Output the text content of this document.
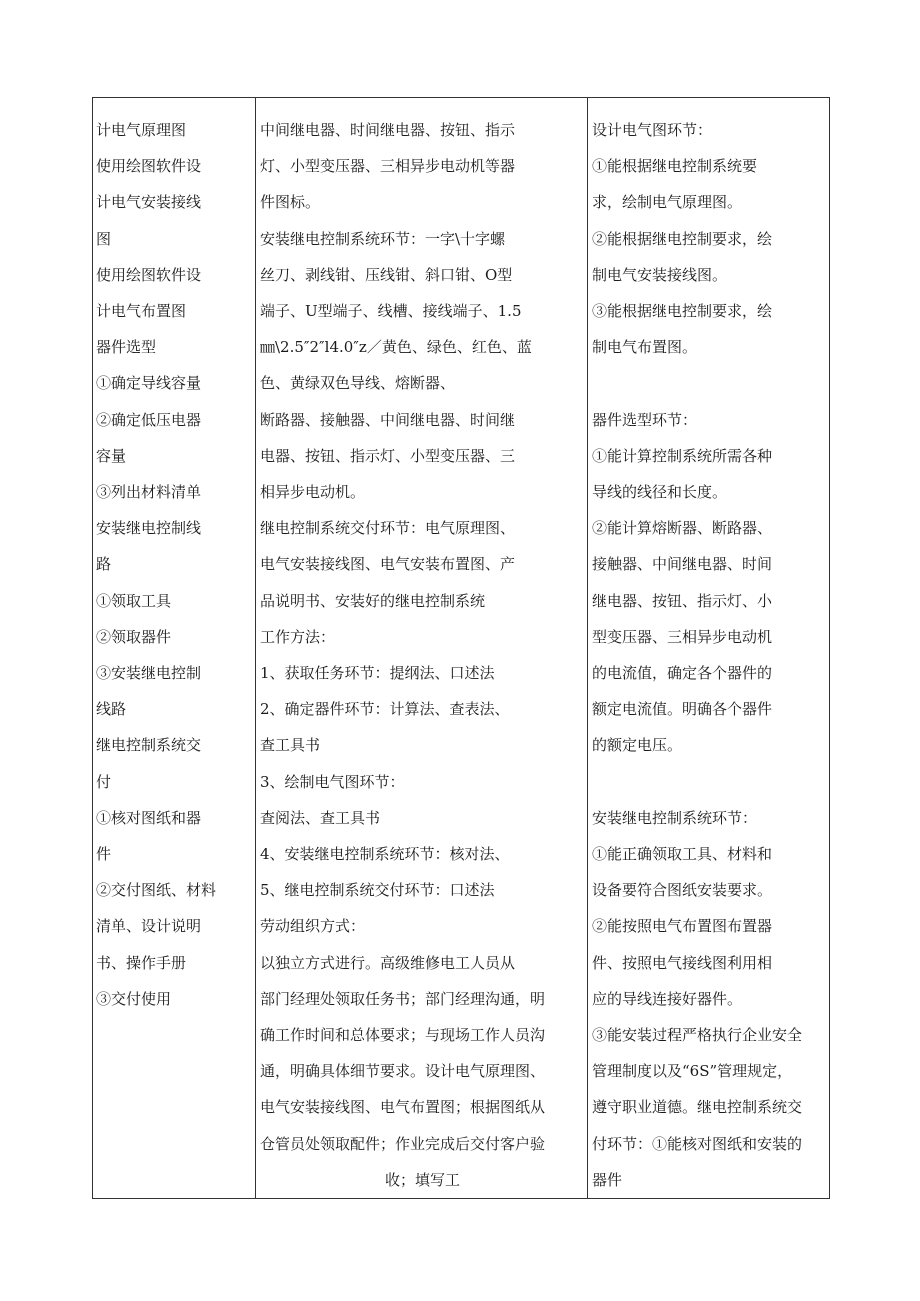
计电气原理图
使用绘图软件设
计电气安装接线
图
使用绘图软件设
计电气布置图
器件选型
①确定导线容量
②确定低压电器
容量
③列出材料清单
安装继电控制线
路
①领取工具
②领取器件
③安装继电控制
线路
继电控制系统交
付
①核对图纸和器
件
②交付图纸、材料
清单、设计说明
书、操作手册
③交付使用

中间继电器、时间继电器、按钮、指示
灯、小型变压器、三相异步电动机等器
件图标。
安装继电控制系统环节：一字\十字螺
丝刀、剥线钳、压线钳、斜口钳、O型
端子、U型端子、线槽、接线端子、1.5
㎜\2.5″2″l4.0″z／黄色、绿色、红色、蓝
色、黄绿双色导线、熔断器、
断路器、接触器、中间继电器、时间继
电器、按钮、指示灯、小型变压器、三
相异步电动机。
继电控制系统交付环节：电气原理图、
电气安装接线图、电气安装布置图、产
品说明书、安装好的继电控制系统
工作方法：
1、获取任务环节：提纲法、口述法
2、确定器件环节：计算法、查表法、
查工具书
3、绘制电气图环节：
查阅法、查工具书
4、安装继电控制系统环节：核对法、
5、继电控制系统交付环节：口述法
劳动组织方式：
以独立方式进行。高级维修电工人员从
部门经理处领取任务书；部门经理沟通，明
确工作时间和总体要求；与现场工作人员沟
通，明确具体细节要求。设计电气原理图、
电气安装接线图、电气布置图；根据图纸从
仓管员处领取配件；作业完成后交付客户验
收；填写工

设计电气图环节：
①能根据继电控制系统要
求，绘制电气原理图。
②能根据继电控制要求，绘
制电气安装接线图。
③能根据继电控制要求，绘
制电气布置图。

器件选型环节：
①能计算控制系统所需各种
导线的线径和长度。
②能计算熔断器、断路器、
接触器、中间继电器、时间
继电器、按钮、指示灯、小
型变压器、三相异步电动机
的电流值，确定各个器件的
额定电流值。明确各个器件
的额定电压。

安装继电控制系统环节：
①能正确领取工具、材料和
设备要符合图纸安装要求。
②能按照电气布置图布置器
件、按照电气接线图利用相
应的导线连接好器件。
③能安装过程严格执行企业安全
管理制度以及“6S”管理规定，
遵守职业道德。继电控制系统交
付环节：①能核对图纸和安装的
器件
